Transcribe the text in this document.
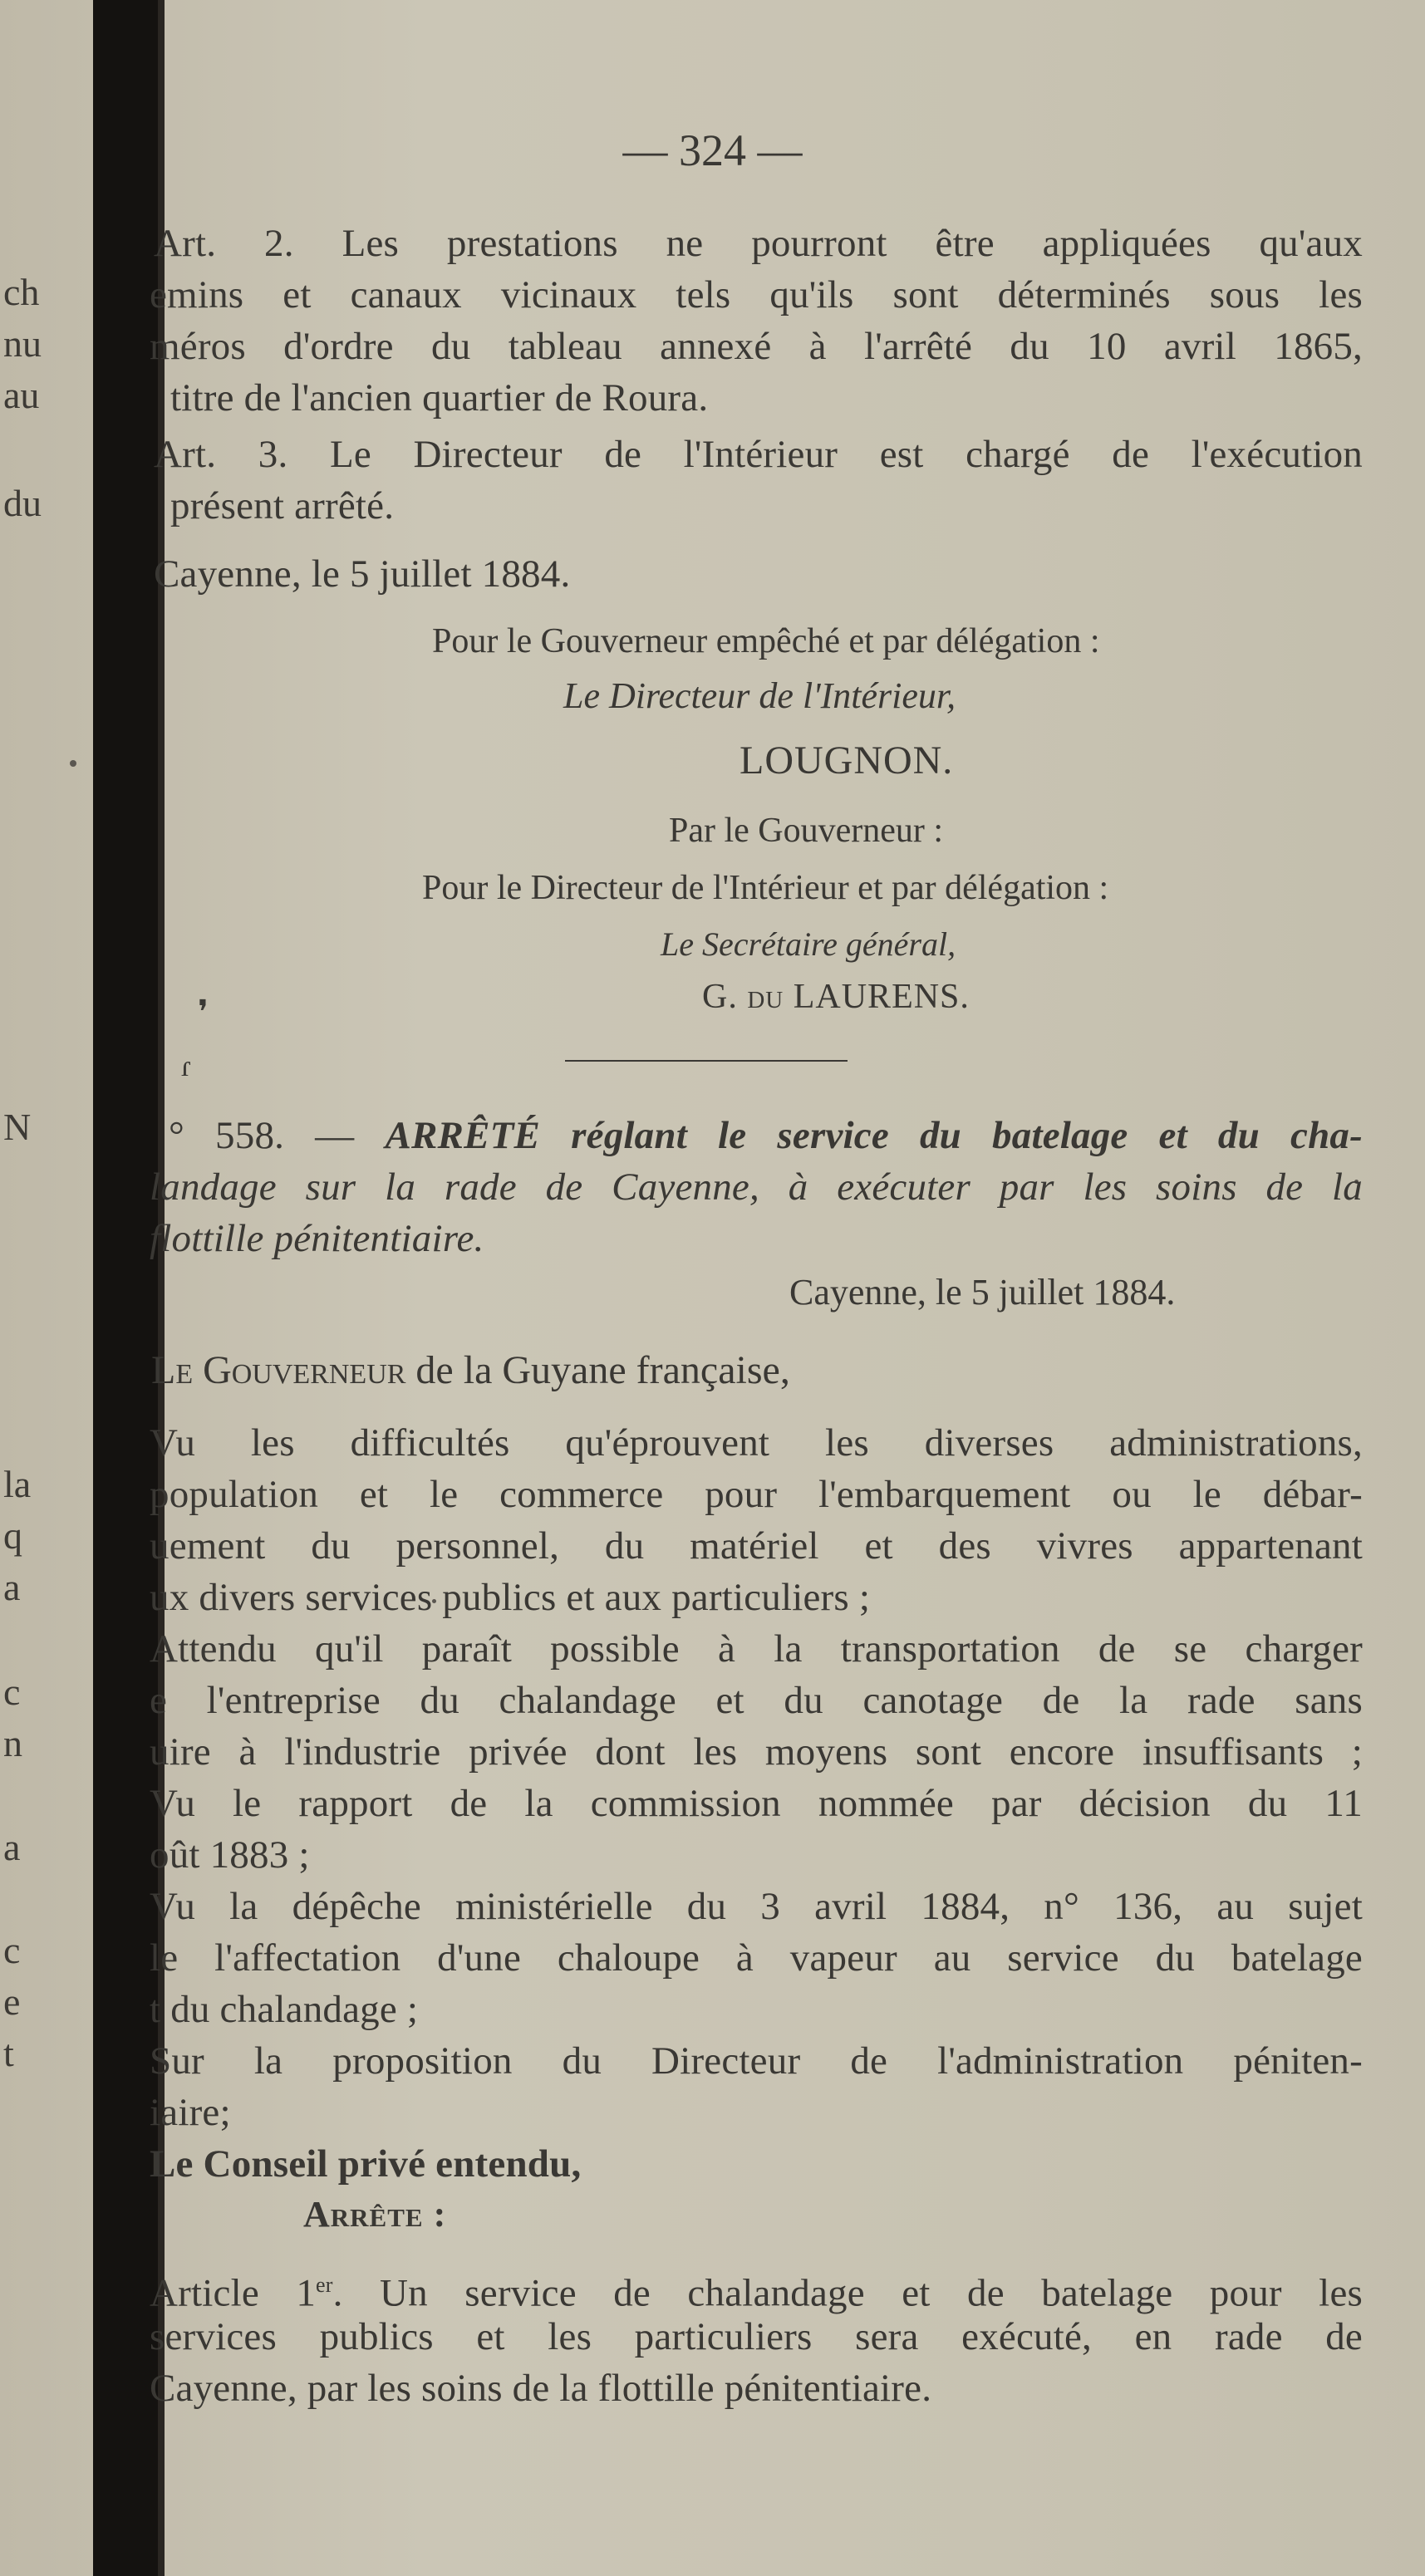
ch
nu
au
du
N
la
q
a
c
n
a
c
e
t
— 324 —
Art. 2. Les prestations ne pourront être appliquées qu'aux
emins et canaux vicinaux tels qu'ils sont déterminés sous les
méros d'ordre du tableau annexé à l'arrêté du 10 avril 1865,
titre de l'ancien quartier de Roura.
Art. 3. Le Directeur de l'Intérieur est chargé de l'exécution
présent arrêté.
Cayenne, le 5 juillet 1884.
Pour le Gouverneur empêché et par délégation :
Le Directeur de l'Intérieur,
LOUGNON.
Par le Gouverneur :
Pour le Directeur de l'Intérieur et par délégation :
Le Secrétaire général,
G. du LAURENS.
❜
ɾ
° 558. — ARRÊTÉ réglant le service du batelage et du cha-
landage sur la rade de Cayenne, à exécuter par les soins de la
flottille pénitentiaire.
Cayenne, le 5 juillet 1884.
Le Gouverneur de la Guyane française,
Vu les difficultés qu'éprouvent les diverses administrations,
population et le commerce pour l'embarquement ou le débar-
uement du personnel, du matériel et des vivres appartenant
ux divers services publics et aux particuliers ;
Attendu qu'il paraît possible à la transportation de se charger
e l'entreprise du chalandage et du canotage de la rade sans
uire à l'industrie privée dont les moyens sont encore insuffisants ;
Vu le rapport de la commission nommée par décision du 11
oût 1883 ;
Vu la dépêche ministérielle du 3 avril 1884, n° 136, au sujet
le l'affectation d'une chaloupe à vapeur au service du batelage
t du chalandage ;
Sur la proposition du Directeur de l'administration péniten-
iaire;
Le Conseil privé entendu,
Arrête :
Article 1er. Un service de chalandage et de batelage pour les
services publics et les particuliers sera exécuté, en rade de
Cayenne, par les soins de la flottille pénitentiaire.
